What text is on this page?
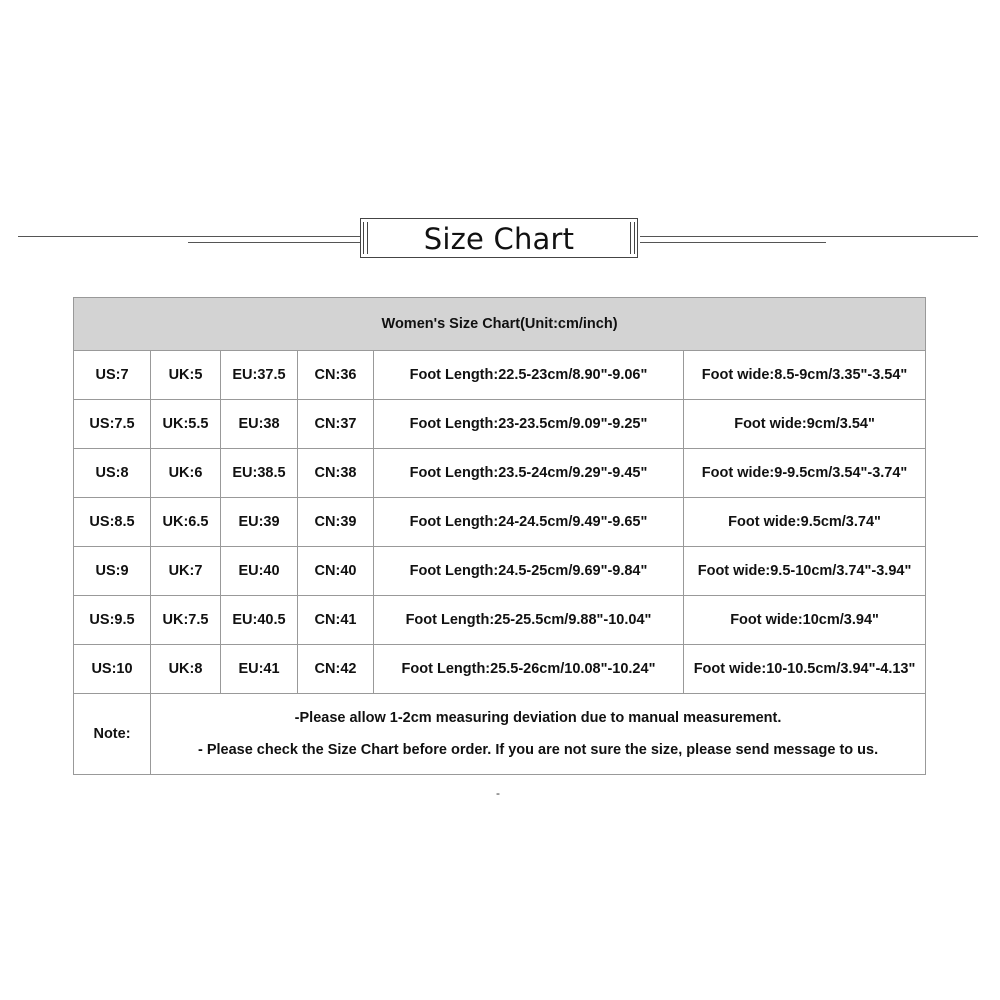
Size Chart
Women's Size Chart(Unit:cm/inch)					
US:7	UK:5	EU:37.5	CN:36	Foot Length:22.5-23cm/8.90"-9.06"	Foot wide:8.5-9cm/3.35"-3.54"
US:7.5	UK:5.5	EU:38	CN:37	Foot Length:23-23.5cm/9.09"-9.25"	Foot wide:9cm/3.54"
US:8	UK:6	EU:38.5	CN:38	Foot Length:23.5-24cm/9.29"-9.45"	Foot wide:9-9.5cm/3.54"-3.74"
US:8.5	UK:6.5	EU:39	CN:39	Foot Length:24-24.5cm/9.49"-9.65"	Foot wide:9.5cm/3.74"
US:9	UK:7	EU:40	CN:40	Foot Length:24.5-25cm/9.69"-9.84"	Foot wide:9.5-10cm/3.74"-3.94"
US:9.5	UK:7.5	EU:40.5	CN:41	Foot Length:25-25.5cm/9.88"-10.04"	Foot wide:10cm/3.94"
US:10	UK:8	EU:41	CN:42	Foot Length:25.5-26cm/10.08"-10.24"	Foot wide:10-10.5cm/3.94"-4.13"
Note:	-Please allow 1-2cm measuring deviation due to manual measurement.
- Please check the Size Chart before order. If you are not sure the size, please send message to us.				
-
